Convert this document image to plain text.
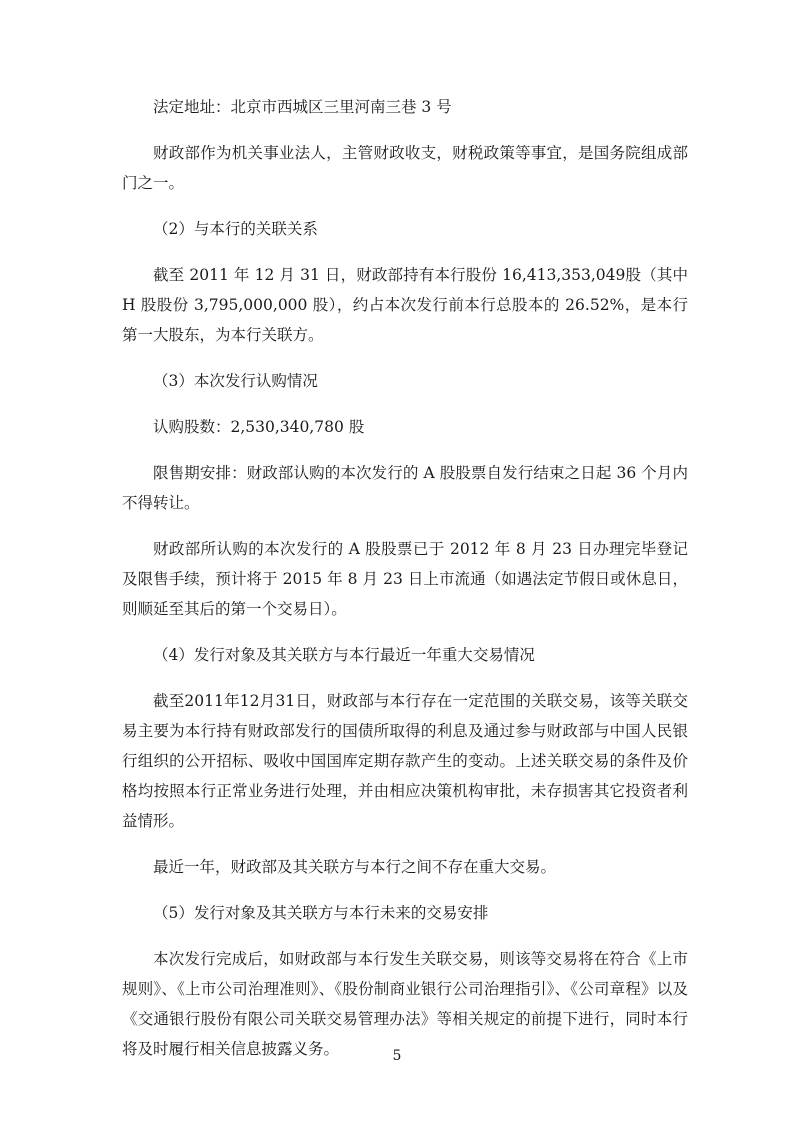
法定地址：北京市西城区三里河南三巷 3 号

财政部作为机关事业法人，主管财政收支，财税政策等事宜，是国务院组成部门之一。

（2）与本行的关联关系

截至 2011 年 12 月 31 日，财政部持有本行股份 16,413,353,049股（其中 H 股股份 3,795,000,000 股），约占本次发行前本行总股本的 26.52%，是本行第一大股东，为本行关联方。

（3）本次发行认购情况

认购股数：2,530,340,780 股

限售期安排：财政部认购的本次发行的 A 股股票自发行结束之日起 36 个月内不得转让。

财政部所认购的本次发行的 A 股股票已于 2012 年 8 月 23 日办理完毕登记及限售手续，预计将于 2015 年 8 月 23 日上市流通（如遇法定节假日或休息日，则顺延至其后的第一个交易日）。

（4）发行对象及其关联方与本行最近一年重大交易情况

截至2011年12月31日，财政部与本行存在一定范围的关联交易，该等关联交易主要为本行持有财政部发行的国债所取得的利息及通过参与财政部与中国人民银行组织的公开招标、吸收中国国库定期存款产生的变动。上述关联交易的条件及价格均按照本行正常业务进行处理，并由相应决策机构审批，未存损害其它投资者利益情形。

最近一年，财政部及其关联方与本行之间不存在重大交易。

（5）发行对象及其关联方与本行未来的交易安排

本次发行完成后，如财政部与本行发生关联交易，则该等交易将在符合《上市规则》、《上市公司治理准则》、《股份制商业银行公司治理指引》、《公司章程》以及《交通银行股份有限公司关联交易管理办法》等相关规定的前提下进行，同时本行将及时履行相关信息披露义务。	5
